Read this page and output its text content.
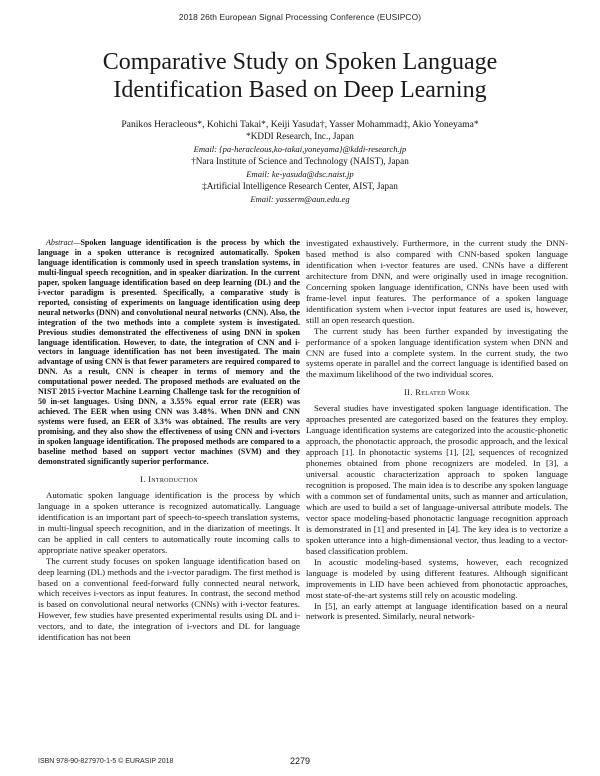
2018 26th European Signal Processing Conference (EUSIPCO)
Comparative Study on Spoken Language
Identification Based on Deep Learning
Panikos Heracleous*, Kohichi Takai*, Keiji Yasuda†, Yasser Mohammad‡, Akio Yoneyama*
*KDDI Research, Inc., Japan
Email: {pa-heracleous,ko-takai,yoneyama}@kddi-research.jp
†Nara Institute of Science and Technology (NAIST), Japan
Email: ke-yasuda@dsc.naist.jp
‡Artificial Intelligence Research Center, AIST, Japan
Email: yasserm@aun.edu.eg

Abstract—Spoken language identification is the process by which the language in a spoken utterance is recognized automatically. Spoken language identification is commonly used in speech translation systems, in multi-lingual speech recognition, and in speaker diarization. In the current paper, spoken language identification based on deep learning (DL) and the i-vector paradigm is presented. Specifically, a comparative study is reported, consisting of experiments on language identification using deep neural networks (DNN) and convolutional neural networks (CNN). Also, the integration of the two methods into a complete system is investigated. Previous studies demonstrated the effectiveness of using DNN in spoken language identification. However, to date, the integration of CNN and i-vectors in language identification has not been investigated. The main advantage of using CNN is that fewer parameters are required compared to DNN. As a result, CNN is cheaper in terms of memory and the computational power needed. The proposed methods are evaluated on the NIST 2015 i-vector Machine Learning Challenge task for the recognition of 50 in-set languages. Using DNN, a 3.55% equal error rate (EER) was achieved. The EER when using CNN was 3.48%. When DNN and CNN systems were fused, an EER of 3.3% was obtained. The results are very promising, and they also show the effectiveness of using CNN and i-vectors in spoken language identification. The proposed methods are compared to a baseline method based on support vector machines (SVM) and they demonstrated significantly superior performance.

I. Introduction

Automatic spoken language identification is the process by which language in a spoken utterance is recognized automatically. Language identification is an important part of speech-to-speech translation systems, in multi-lingual speech recognition, and in the diarization of meetings. It can be applied in call centers to automatically route incoming calls to appropriate native speaker operators.

The current study focuses on spoken language identification based on deep learning (DL) methods and the i-vector paradigm. The first method is based on a conventional feed-forward fully connected neural network, which receives i-vectors as input features. In contrast, the second method is based on convolutional neural networks (CNNs) with i-vector features. However, few studies have presented experimental results using DL and i-vectors, and to date, the integration of i-vectors and DL for language identification has not been

investigated exhaustively. Furthermore, in the current study the DNN-based method is also compared with CNN-based spoken language identification when i-vector features are used. CNNs have a different architecture from DNN, and were originally used in image recognition. Concerning spoken language identification, CNNs have been used with frame-level input features. The performance of a spoken language identification system when i-vector input features are used is, however, still an open research question.

The current study has been further expanded by investigating the performance of a spoken language identification system when DNN and CNN are fused into a complete system. In the current study, the two systems operate in parallel and the correct language is identified based on the maximum likelihood of the two individual scores.

II. Related Work

Several studies have investigated spoken language identification. The approaches presented are categorized based on the features they employ. Language identification systems are categorized into the acoustic-phonetic approach, the phonotactic approach, the prosodic approach, and the lexical approach [1]. In phonotactic systems [1], [2], sequences of recognized phonemes obtained from phone recognizers are modeled. In [3], a universal acoustic characterization approach to spoken language recognition is proposed. The main idea is to describe any spoken language with a common set of fundamental units, such as manner and articulation, which are used to build a set of language-universal attribute models. The vector space modeling-based phonotactic language recognition approach is demonstrated in [1] and presented in [4]. The key idea is to vectorize a spoken utterance into a high-dimensional vector, thus leading to a vector-based classification problem.

In acoustic modeling-based systems, however, each recognized language is modeled by using different features. Although significant improvements in LID have been achieved from phonotactic approaches, most state-of-the-art systems still rely on acoustic modeling.

In [5], an early attempt at language identification based on a neural network is presented. Similarly, neural network-

ISBN 978-90-827970-1-5 © EURASIP 2018	2279
